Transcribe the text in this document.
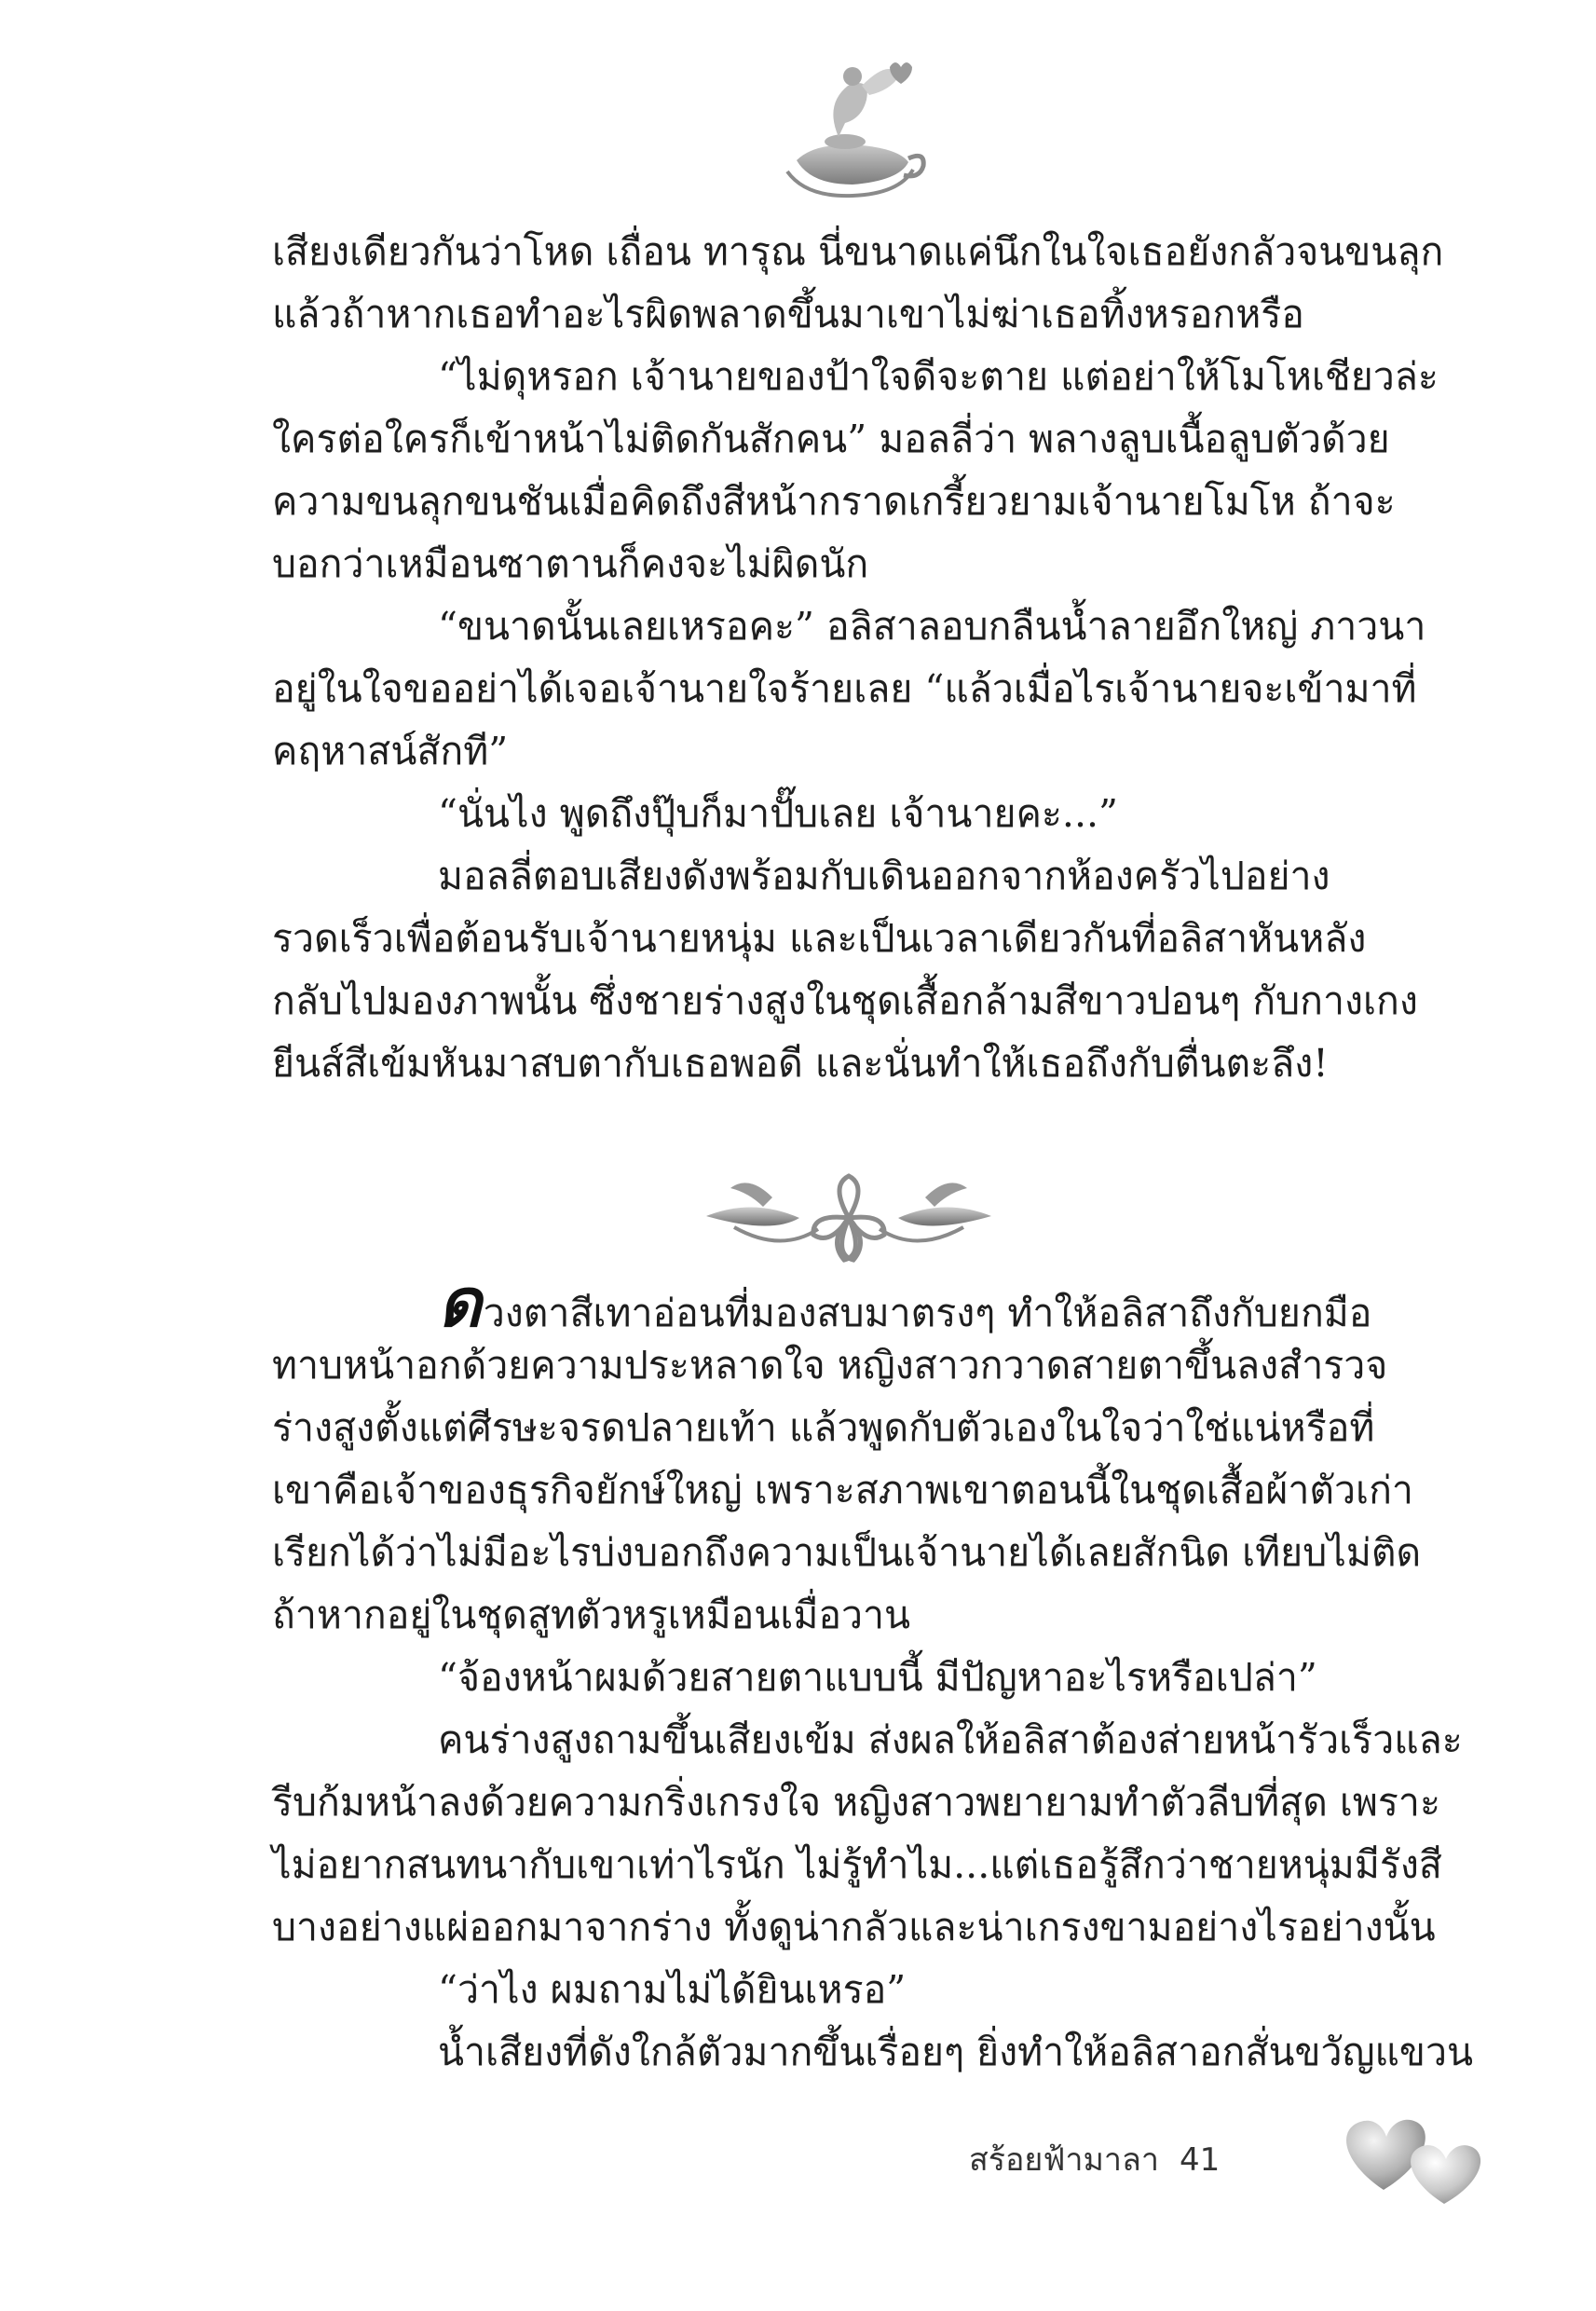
เสียงเดียวกันว่าโหด เถื่อน ทารุณ นี่ขนาดแค่นึกในใจเธอยังกลัวจนขนลุก
แล้วถ้าหากเธอทำอะไรผิดพลาดขึ้นมาเขาไม่ฆ่าเธอทิ้งหรอกหรือ
“ไม่ดุหรอก เจ้านายของป้าใจดีจะตาย แต่อย่าให้โมโหเชียวล่ะ
ใครต่อใครก็เข้าหน้าไม่ติดกันสักคน” มอลลี่ว่า พลางลูบเนื้อลูบตัวด้วย
ความขนลุกขนชันเมื่อคิดถึงสีหน้ากราดเกรี้ยวยามเจ้านายโมโห ถ้าจะ
บอกว่าเหมือนซาตานก็คงจะไม่ผิดนัก
“ขนาดนั้นเลยเหรอคะ” อลิสาลอบกลืนน้ำลายอึกใหญ่ ภาวนา
อยู่ในใจขออย่าได้เจอเจ้านายใจร้ายเลย “แล้วเมื่อไรเจ้านายจะเข้ามาที่
คฤหาสน์สักที”
“นั่นไง พูดถึงปุ๊บก็มาปั๊บเลย เจ้านายคะ...”
มอลลี่ตอบเสียงดังพร้อมกับเดินออกจากห้องครัวไปอย่าง
รวดเร็วเพื่อต้อนรับเจ้านายหนุ่ม และเป็นเวลาเดียวกันที่อลิสาหันหลัง
กลับไปมองภาพนั้น ซึ่งชายร่างสูงในชุดเสื้อกล้ามสีขาวปอนๆ กับกางเกง
ยีนส์สีเข้มหันมาสบตากับเธอพอดี และนั่นทำให้เธอถึงกับตื่นตะลึง!
ดวงตาสีเทาอ่อนที่มองสบมาตรงๆ ทำให้อลิสาถึงกับยกมือ
ทาบหน้าอกด้วยความประหลาดใจ หญิงสาวกวาดสายตาขึ้นลงสำรวจ
ร่างสูงตั้งแต่ศีรษะจรดปลายเท้า แล้วพูดกับตัวเองในใจว่าใช่แน่หรือที่
เขาคือเจ้าของธุรกิจยักษ์ใหญ่ เพราะสภาพเขาตอนนี้ในชุดเสื้อผ้าตัวเก่า
เรียกได้ว่าไม่มีอะไรบ่งบอกถึงความเป็นเจ้านายได้เลยสักนิด เทียบไม่ติด
ถ้าหากอยู่ในชุดสูทตัวหรูเหมือนเมื่อวาน
“จ้องหน้าผมด้วยสายตาแบบนี้ มีปัญหาอะไรหรือเปล่า”
คนร่างสูงถามขึ้นเสียงเข้ม ส่งผลให้อลิสาต้องส่ายหน้ารัวเร็วและ
รีบก้มหน้าลงด้วยความกริ่งเกรงใจ หญิงสาวพยายามทำตัวลีบที่สุด เพราะ
ไม่อยากสนทนากับเขาเท่าไรนัก ไม่รู้ทำไม...แต่เธอรู้สึกว่าชายหนุ่มมีรังสี
บางอย่างแผ่ออกมาจากร่าง ทั้งดูน่ากลัวและน่าเกรงขามอย่างไรอย่างนั้น
“ว่าไง ผมถามไม่ได้ยินเหรอ”
น้ำเสียงที่ดังใกล้ตัวมากขึ้นเรื่อยๆ ยิ่งทำให้อลิสาอกสั่นขวัญแขวน
สร้อยฟ้ามาลา 41
